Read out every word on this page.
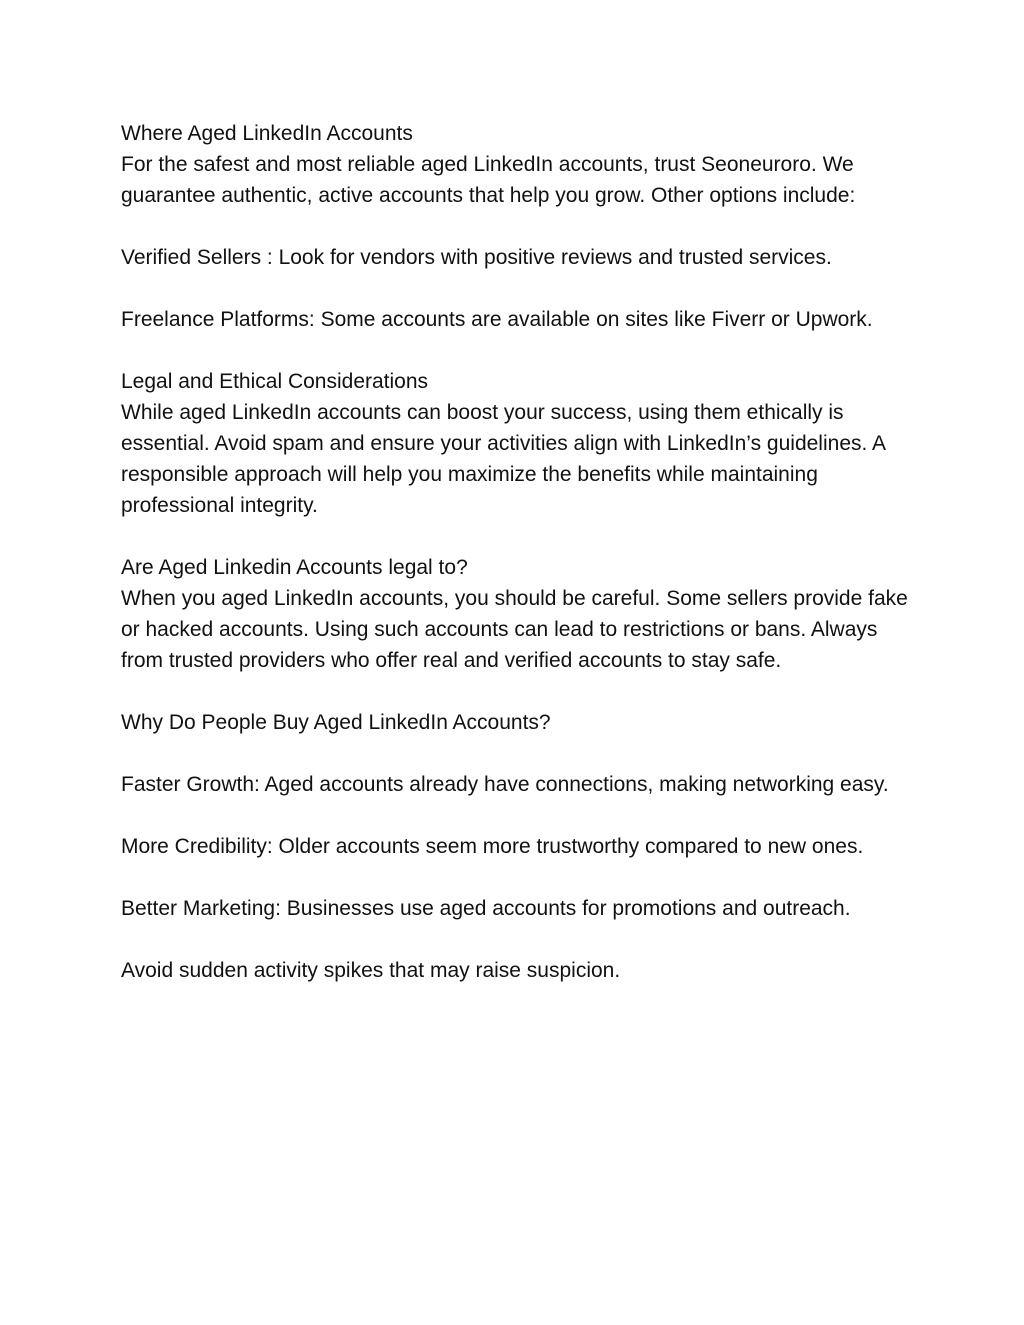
Where Aged LinkedIn Accounts

For the safest and most reliable aged LinkedIn accounts, trust Seoneuroro. We guarantee authentic, active accounts that help you grow. Other options include:

Verified Sellers : Look for vendors with positive reviews and trusted services.

Freelance Platforms: Some accounts are available on sites like Fiverr or Upwork.

Legal and Ethical Considerations

While aged LinkedIn accounts can boost your success, using them ethically is essential. Avoid spam and ensure your activities align with LinkedIn’s guidelines. A responsible approach will help you maximize the benefits while maintaining professional integrity.

Are Aged Linkedin Accounts legal to?

When you aged LinkedIn accounts, you should be careful. Some sellers provide fake or hacked accounts. Using such accounts can lead to restrictions or bans. Always from trusted providers who offer real and verified accounts to stay safe.

Why Do People Buy Aged LinkedIn Accounts?

Faster Growth: Aged accounts already have connections, making networking easy.

More Credibility: Older accounts seem more trustworthy compared to new ones.

Better Marketing: Businesses use aged accounts for promotions and outreach.

Avoid sudden activity spikes that may raise suspicion.
